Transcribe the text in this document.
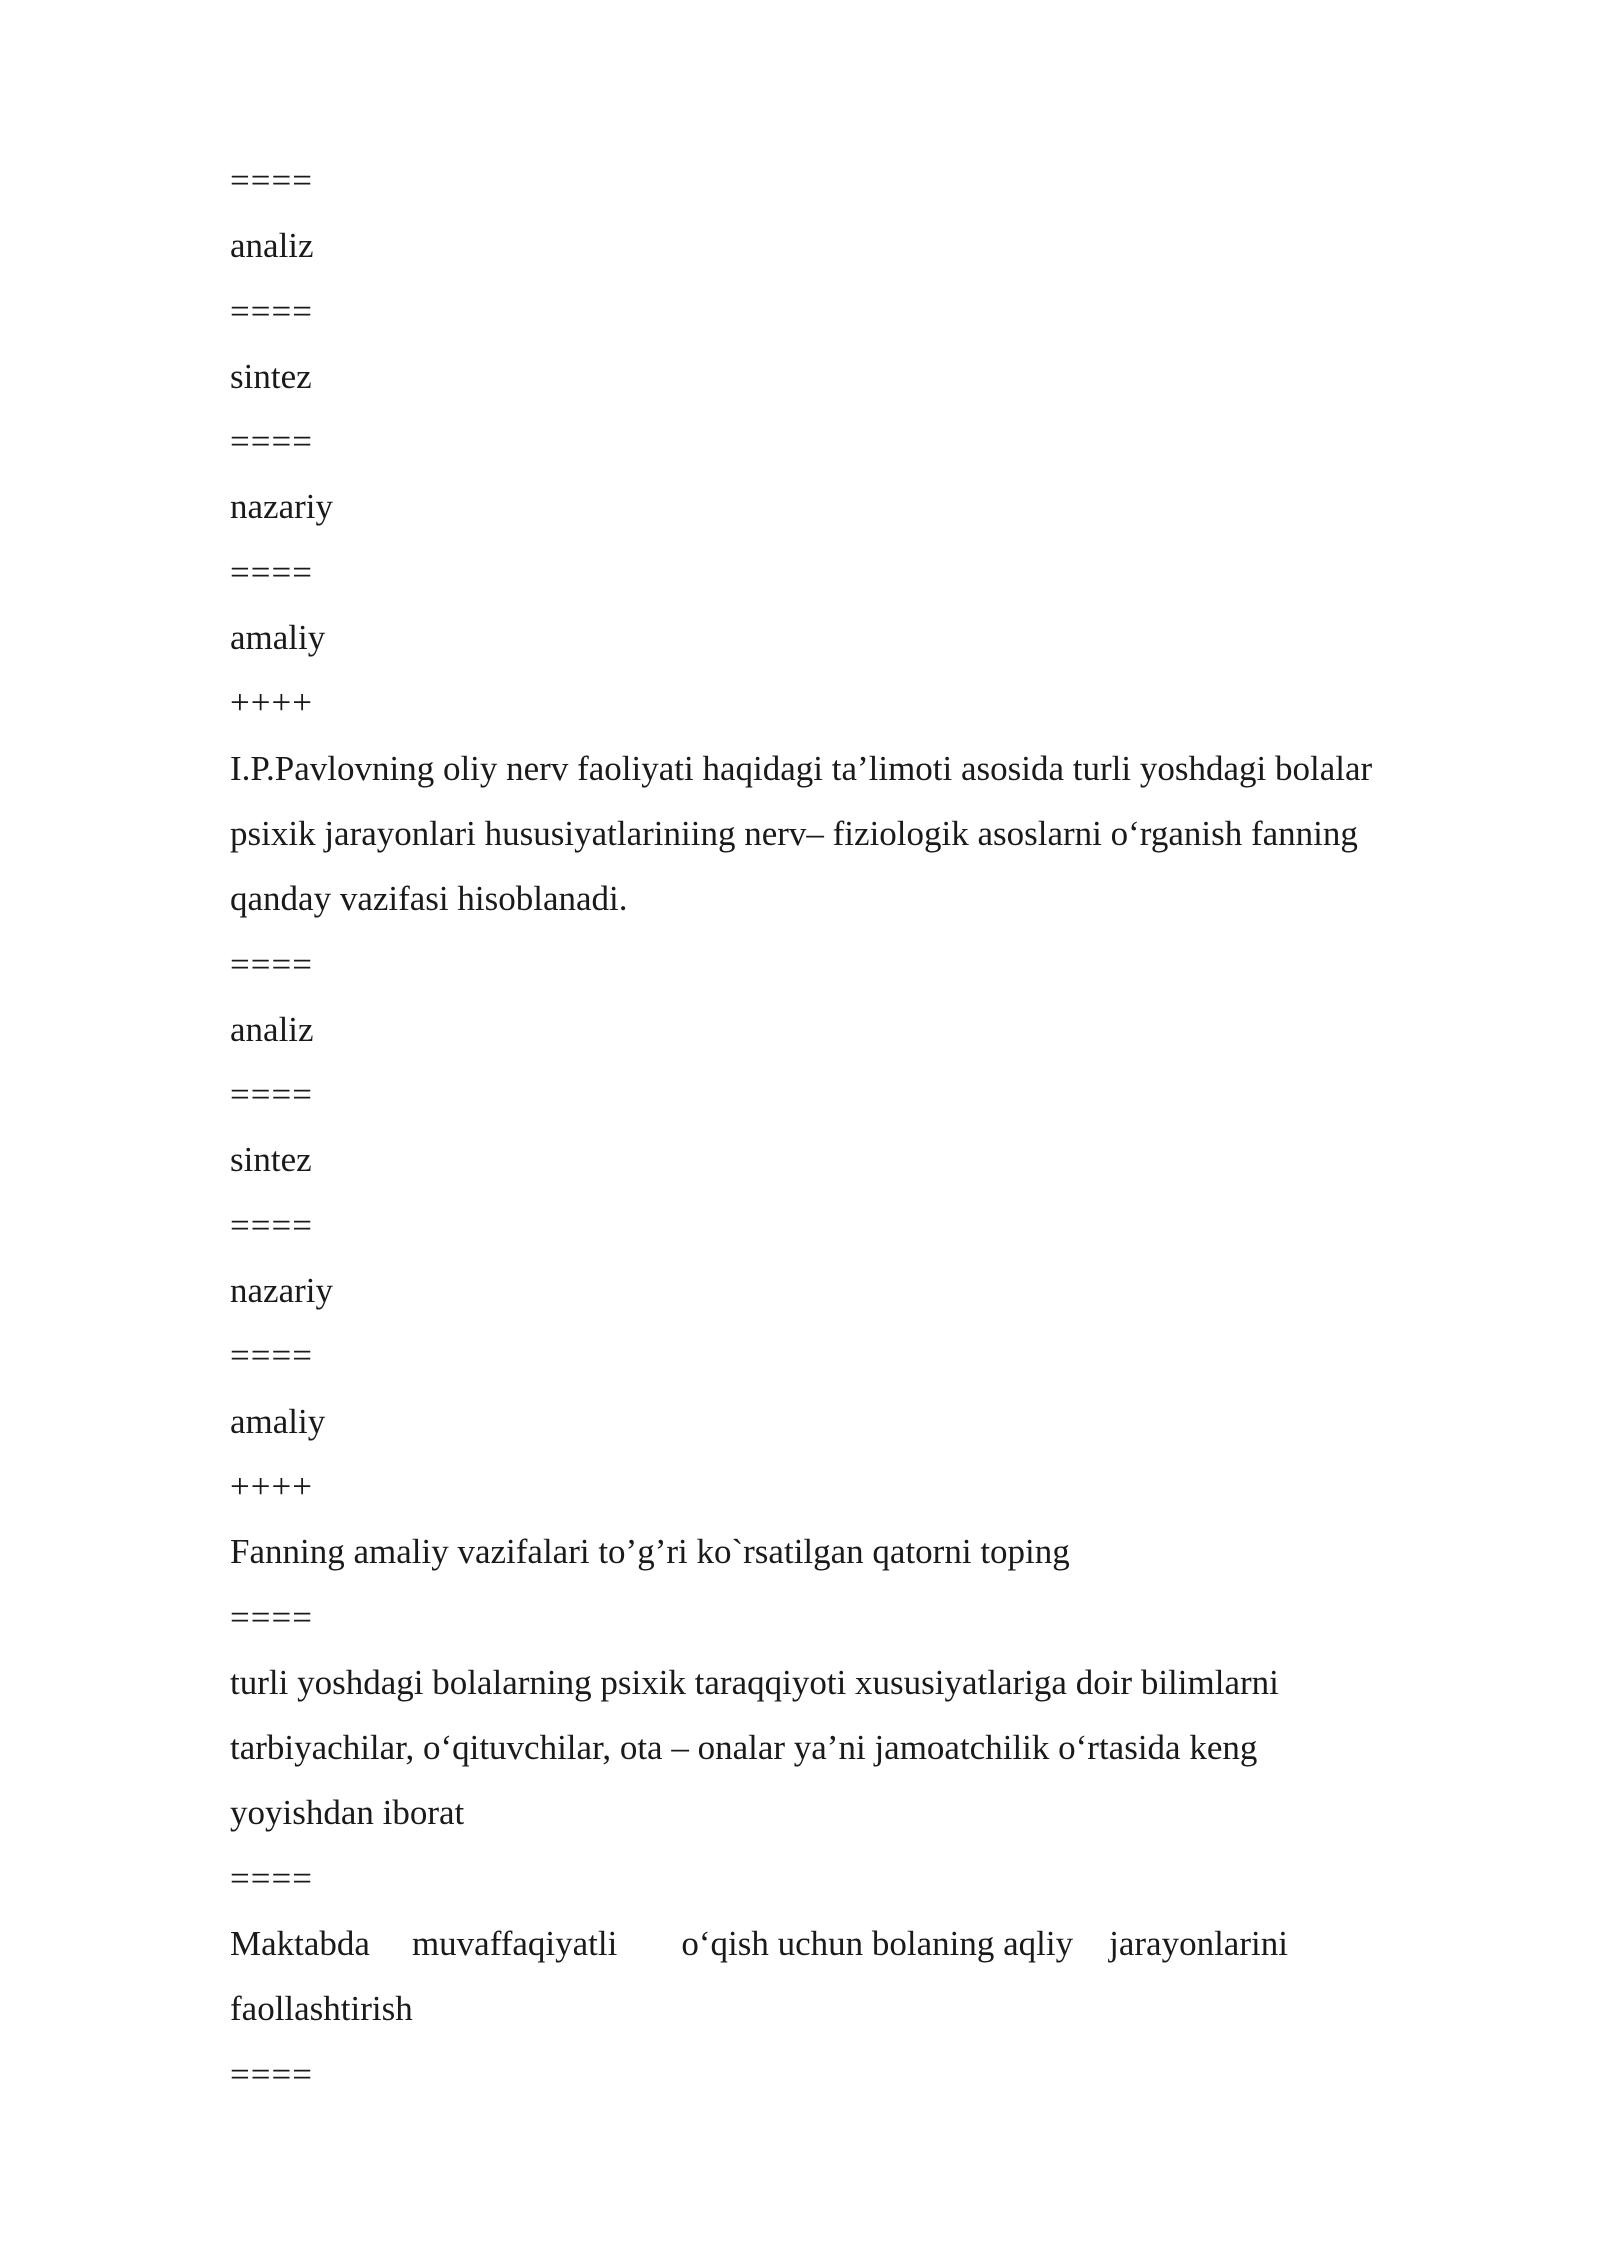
====
analiz
====
sintez
====
nazariy
====
amaliy
++++
I.P.Pavlovning oliy nerv faoliyati haqidagi ta’limoti asosida turli yoshdagi bolalar
psixik jarayonlari hususiyatlariniing nerv– fiziologik asoslarni o‘rganish fanning
qanday vazifasi hisoblanadi.
====
analiz
====
sintez
====
nazariy
====
amaliy
++++
Fanning amaliy vazifalari to’g’ri ko`rsatilgan qatorni toping
====
turli yoshdagi bolalarning psixik taraqqiyoti xususiyatlariga doir bilimlarni
tarbiyachilar, o‘qituvchilar, ota – onalar ya’ni jamoatchilik o‘rtasida keng
yoyishdan iborat
====
Maktabda muvaffaqiyatli o‘qish uchun bolaning aqliy jarayonlarini
faollashtirish
====
